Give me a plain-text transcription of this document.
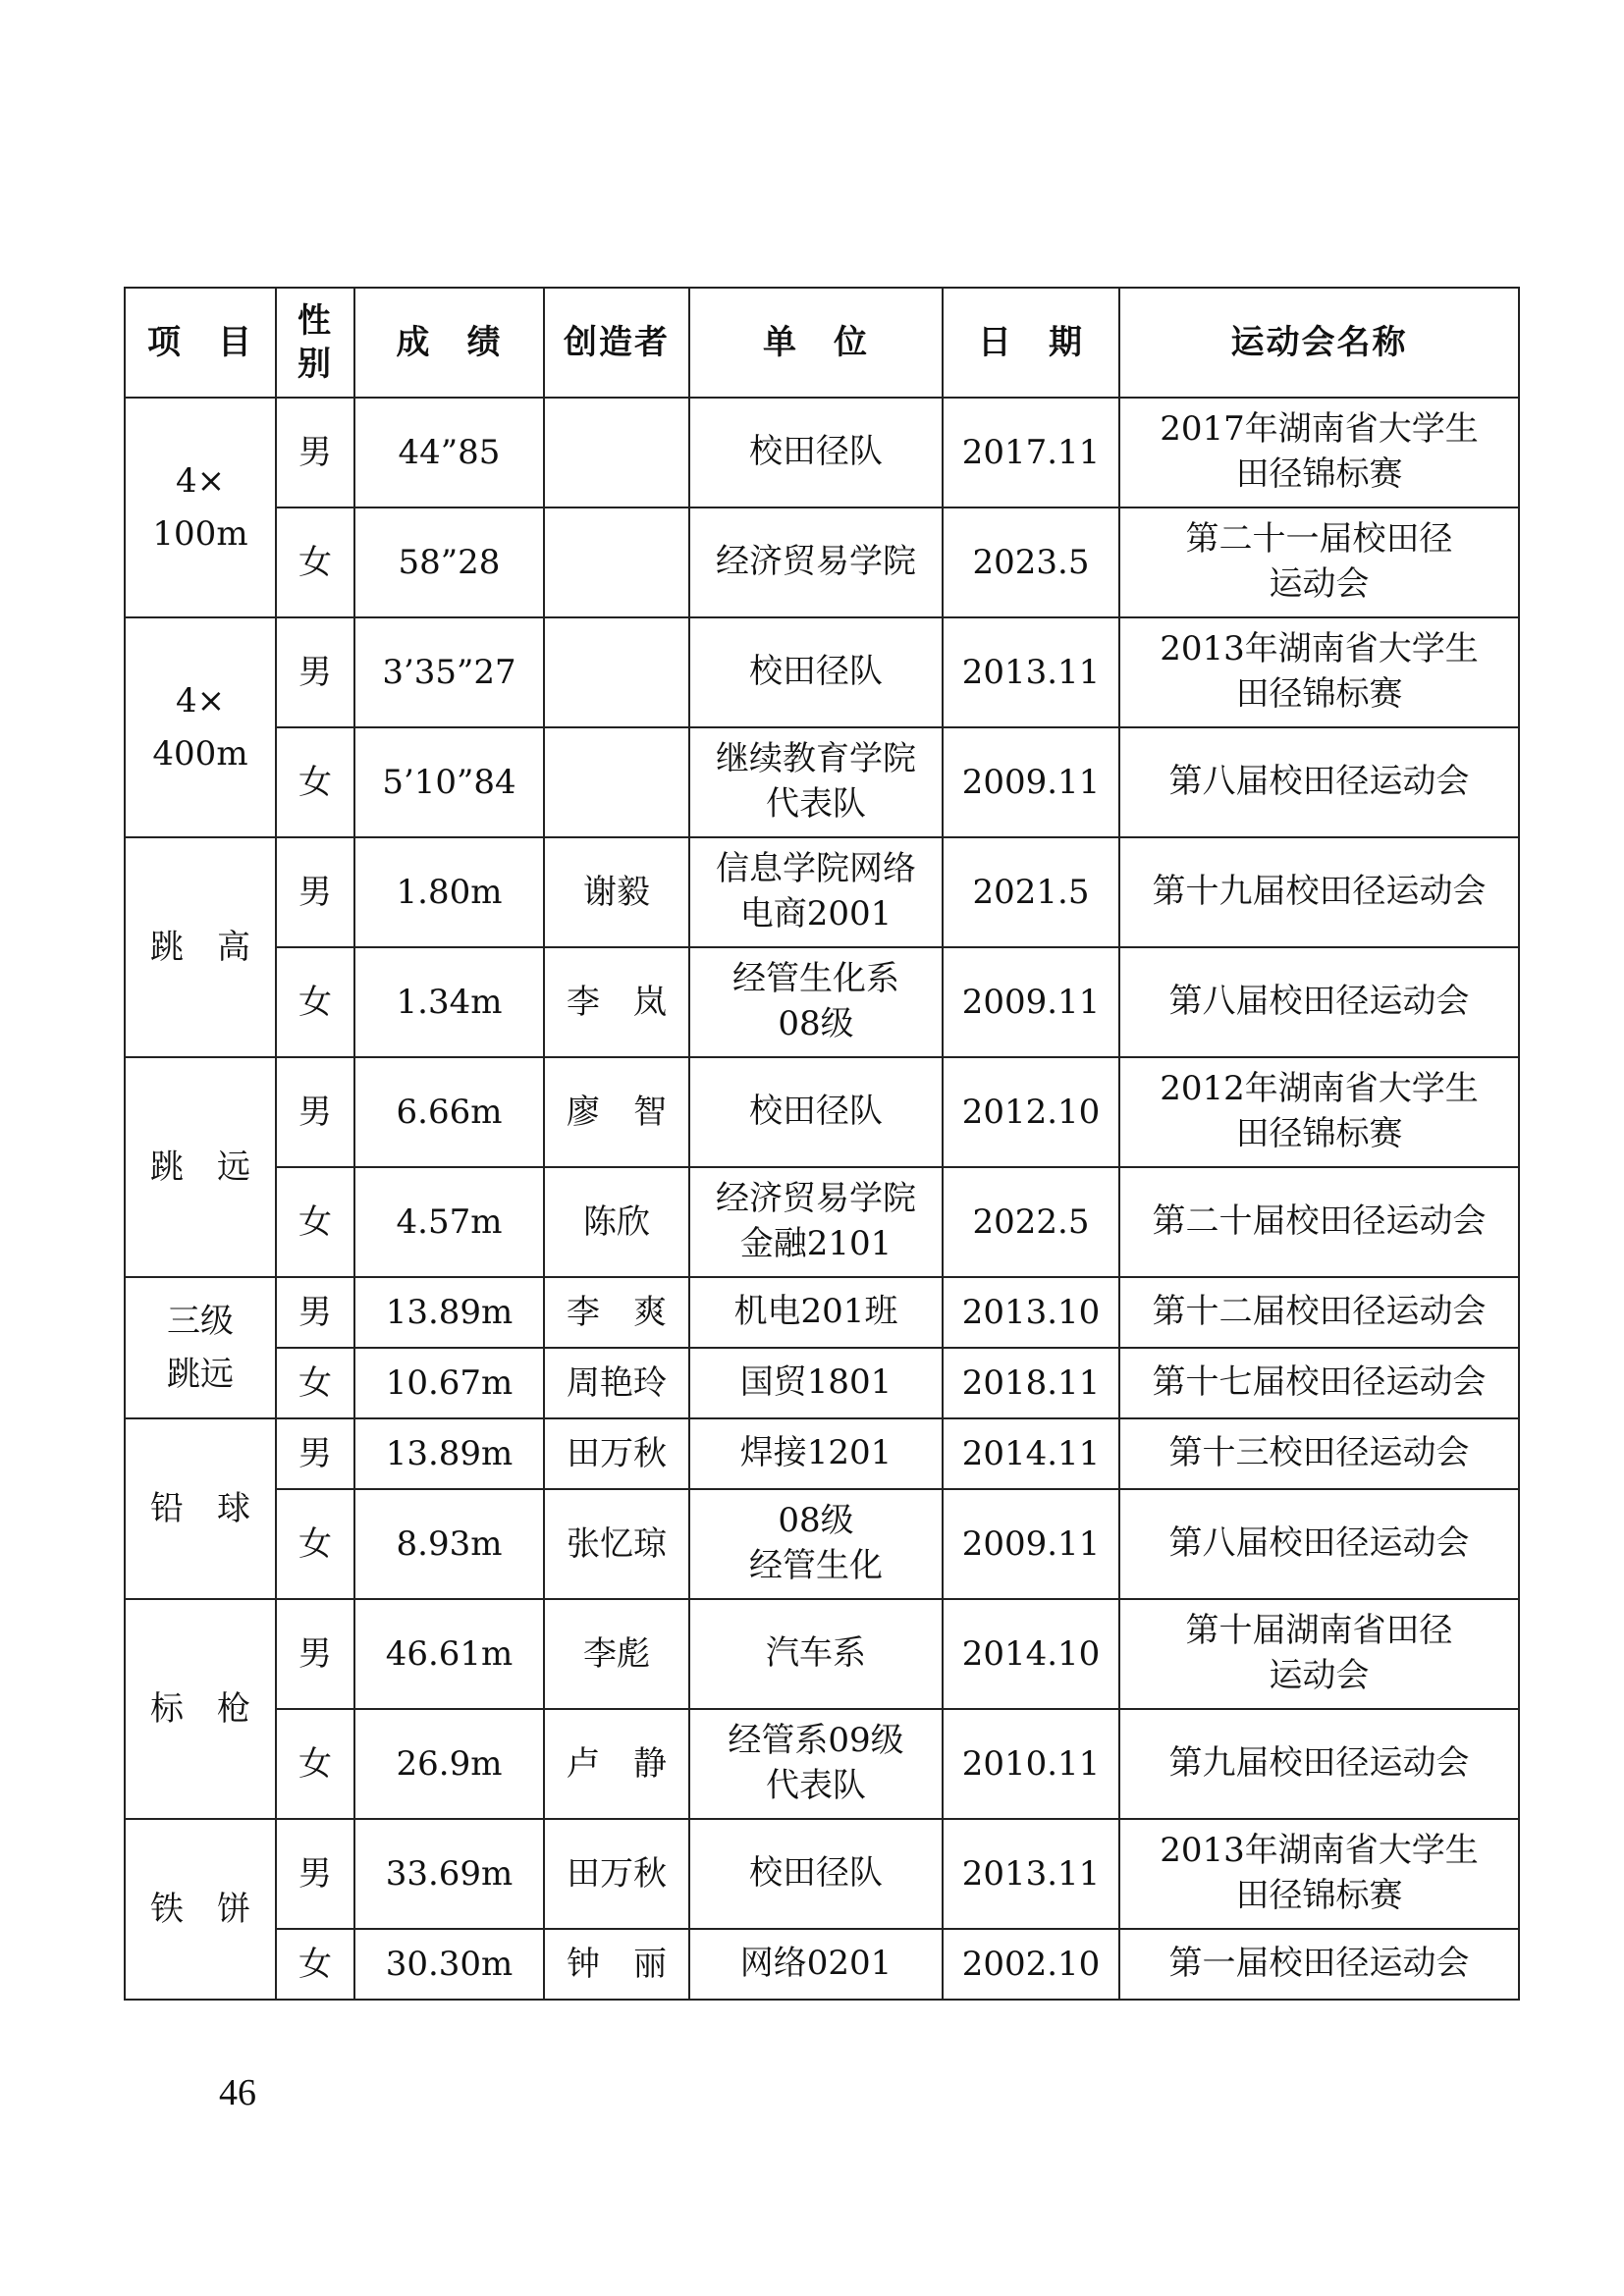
项　目	性别	成　绩	创造者	单　位	日　期	运动会名称
4×
100m	男	44”85		校田径队	2017.11	2017年湖南省大学生
田径锦标赛
	女	58”28		经济贸易学院	2023.5	第二十一届校田径
运动会
4×
400m	男	3’35”27		校田径队	2013.11	2013年湖南省大学生
田径锦标赛
	女	5’10”84		继续教育学院
代表队	2009.11	第八届校田径运动会
跳　高	男	1.80m	谢毅	信息学院网络
电商2001	2021.5	第十九届校田径运动会
	女	1.34m	李　岚	经管生化系
08级	2009.11	第八届校田径运动会
跳　远	男	6.66m	廖　智	校田径队	2012.10	2012年湖南省大学生
田径锦标赛
	女	4.57m	陈欣	经济贸易学院
金融2101	2022.5	第二十届校田径运动会
三级
跳远	男	13.89m	李　爽	机电201班	2013.10	第十二届校田径运动会
	女	10.67m	周艳玲	国贸1801	2018.11	第十七届校田径运动会
铅　球	男	13.89m	田万秋	焊接1201	2014.11	第十三校田径运动会
	女	8.93m	张忆琼	08级
经管生化	2009.11	第八届校田径运动会
标　枪	男	46.61m	李彪	汽车系	2014.10	第十届湖南省田径
运动会
	女	26.9m	卢　静	经管系09级
代表队	2010.11	第九届校田径运动会
铁　饼	男	33.69m	田万秋	校田径队	2013.11	2013年湖南省大学生
田径锦标赛
	女	30.30m	钟　丽	网络0201	2002.10	第一届校田径运动会
46
